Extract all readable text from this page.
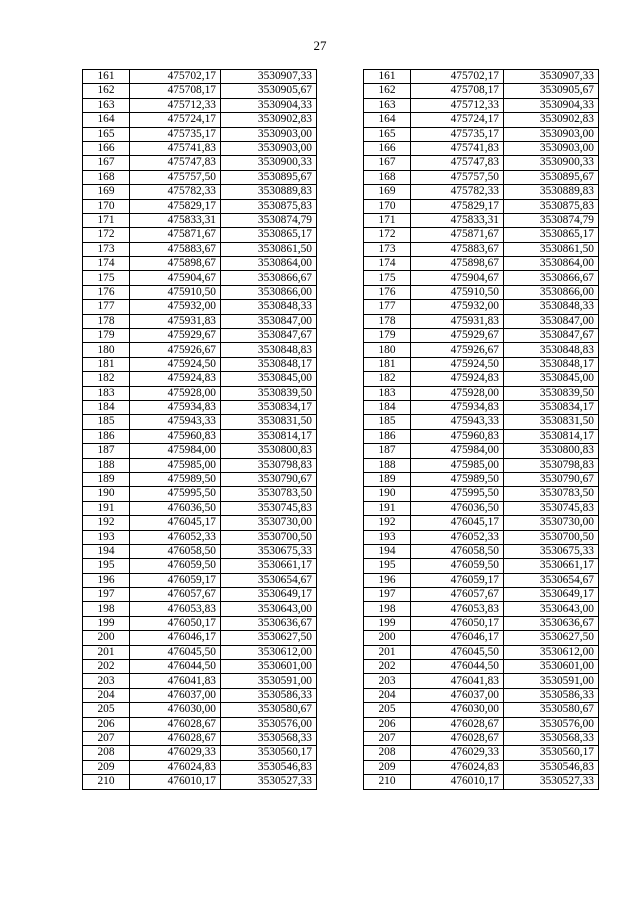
27
161	475702,17	3530907,33		161	475702,17	3530907,33
162	475708,17	3530905,67		162	475708,17	3530905,67
163	475712,33	3530904,33		163	475712,33	3530904,33
164	475724,17	3530902,83		164	475724,17	3530902,83
165	475735,17	3530903,00		165	475735,17	3530903,00
166	475741,83	3530903,00		166	475741,83	3530903,00
167	475747,83	3530900,33		167	475747,83	3530900,33
168	475757,50	3530895,67		168	475757,50	3530895,67
169	475782,33	3530889,83		169	475782,33	3530889,83
170	475829,17	3530875,83		170	475829,17	3530875,83
171	475833,31	3530874,79		171	475833,31	3530874,79
172	475871,67	3530865,17		172	475871,67	3530865,17
173	475883,67	3530861,50		173	475883,67	3530861,50
174	475898,67	3530864,00		174	475898,67	3530864,00
175	475904,67	3530866,67		175	475904,67	3530866,67
176	475910,50	3530866,00		176	475910,50	3530866,00
177	475932,00	3530848,33		177	475932,00	3530848,33
178	475931,83	3530847,00		178	475931,83	3530847,00
179	475929,67	3530847,67		179	475929,67	3530847,67
180	475926,67	3530848,83		180	475926,67	3530848,83
181	475924,50	3530848,17		181	475924,50	3530848,17
182	475924,83	3530845,00		182	475924,83	3530845,00
183	475928,00	3530839,50		183	475928,00	3530839,50
184	475934,83	3530834,17		184	475934,83	3530834,17
185	475943,33	3530831,50		185	475943,33	3530831,50
186	475960,83	3530814,17		186	475960,83	3530814,17
187	475984,00	3530800,83		187	475984,00	3530800,83
188	475985,00	3530798,83		188	475985,00	3530798,83
189	475989,50	3530790,67		189	475989,50	3530790,67
190	475995,50	3530783,50		190	475995,50	3530783,50
191	476036,50	3530745,83		191	476036,50	3530745,83
192	476045,17	3530730,00		192	476045,17	3530730,00
193	476052,33	3530700,50		193	476052,33	3530700,50
194	476058,50	3530675,33		194	476058,50	3530675,33
195	476059,50	3530661,17		195	476059,50	3530661,17
196	476059,17	3530654,67		196	476059,17	3530654,67
197	476057,67	3530649,17		197	476057,67	3530649,17
198	476053,83	3530643,00		198	476053,83	3530643,00
199	476050,17	3530636,67		199	476050,17	3530636,67
200	476046,17	3530627,50		200	476046,17	3530627,50
201	476045,50	3530612,00		201	476045,50	3530612,00
202	476044,50	3530601,00		202	476044,50	3530601,00
203	476041,83	3530591,00		203	476041,83	3530591,00
204	476037,00	3530586,33		204	476037,00	3530586,33
205	476030,00	3530580,67		205	476030,00	3530580,67
206	476028,67	3530576,00		206	476028,67	3530576,00
207	476028,67	3530568,33		207	476028,67	3530568,33
208	476029,33	3530560,17		208	476029,33	3530560,17
209	476024,83	3530546,83		209	476024,83	3530546,83
210	476010,17	3530527,33		210	476010,17	3530527,33
